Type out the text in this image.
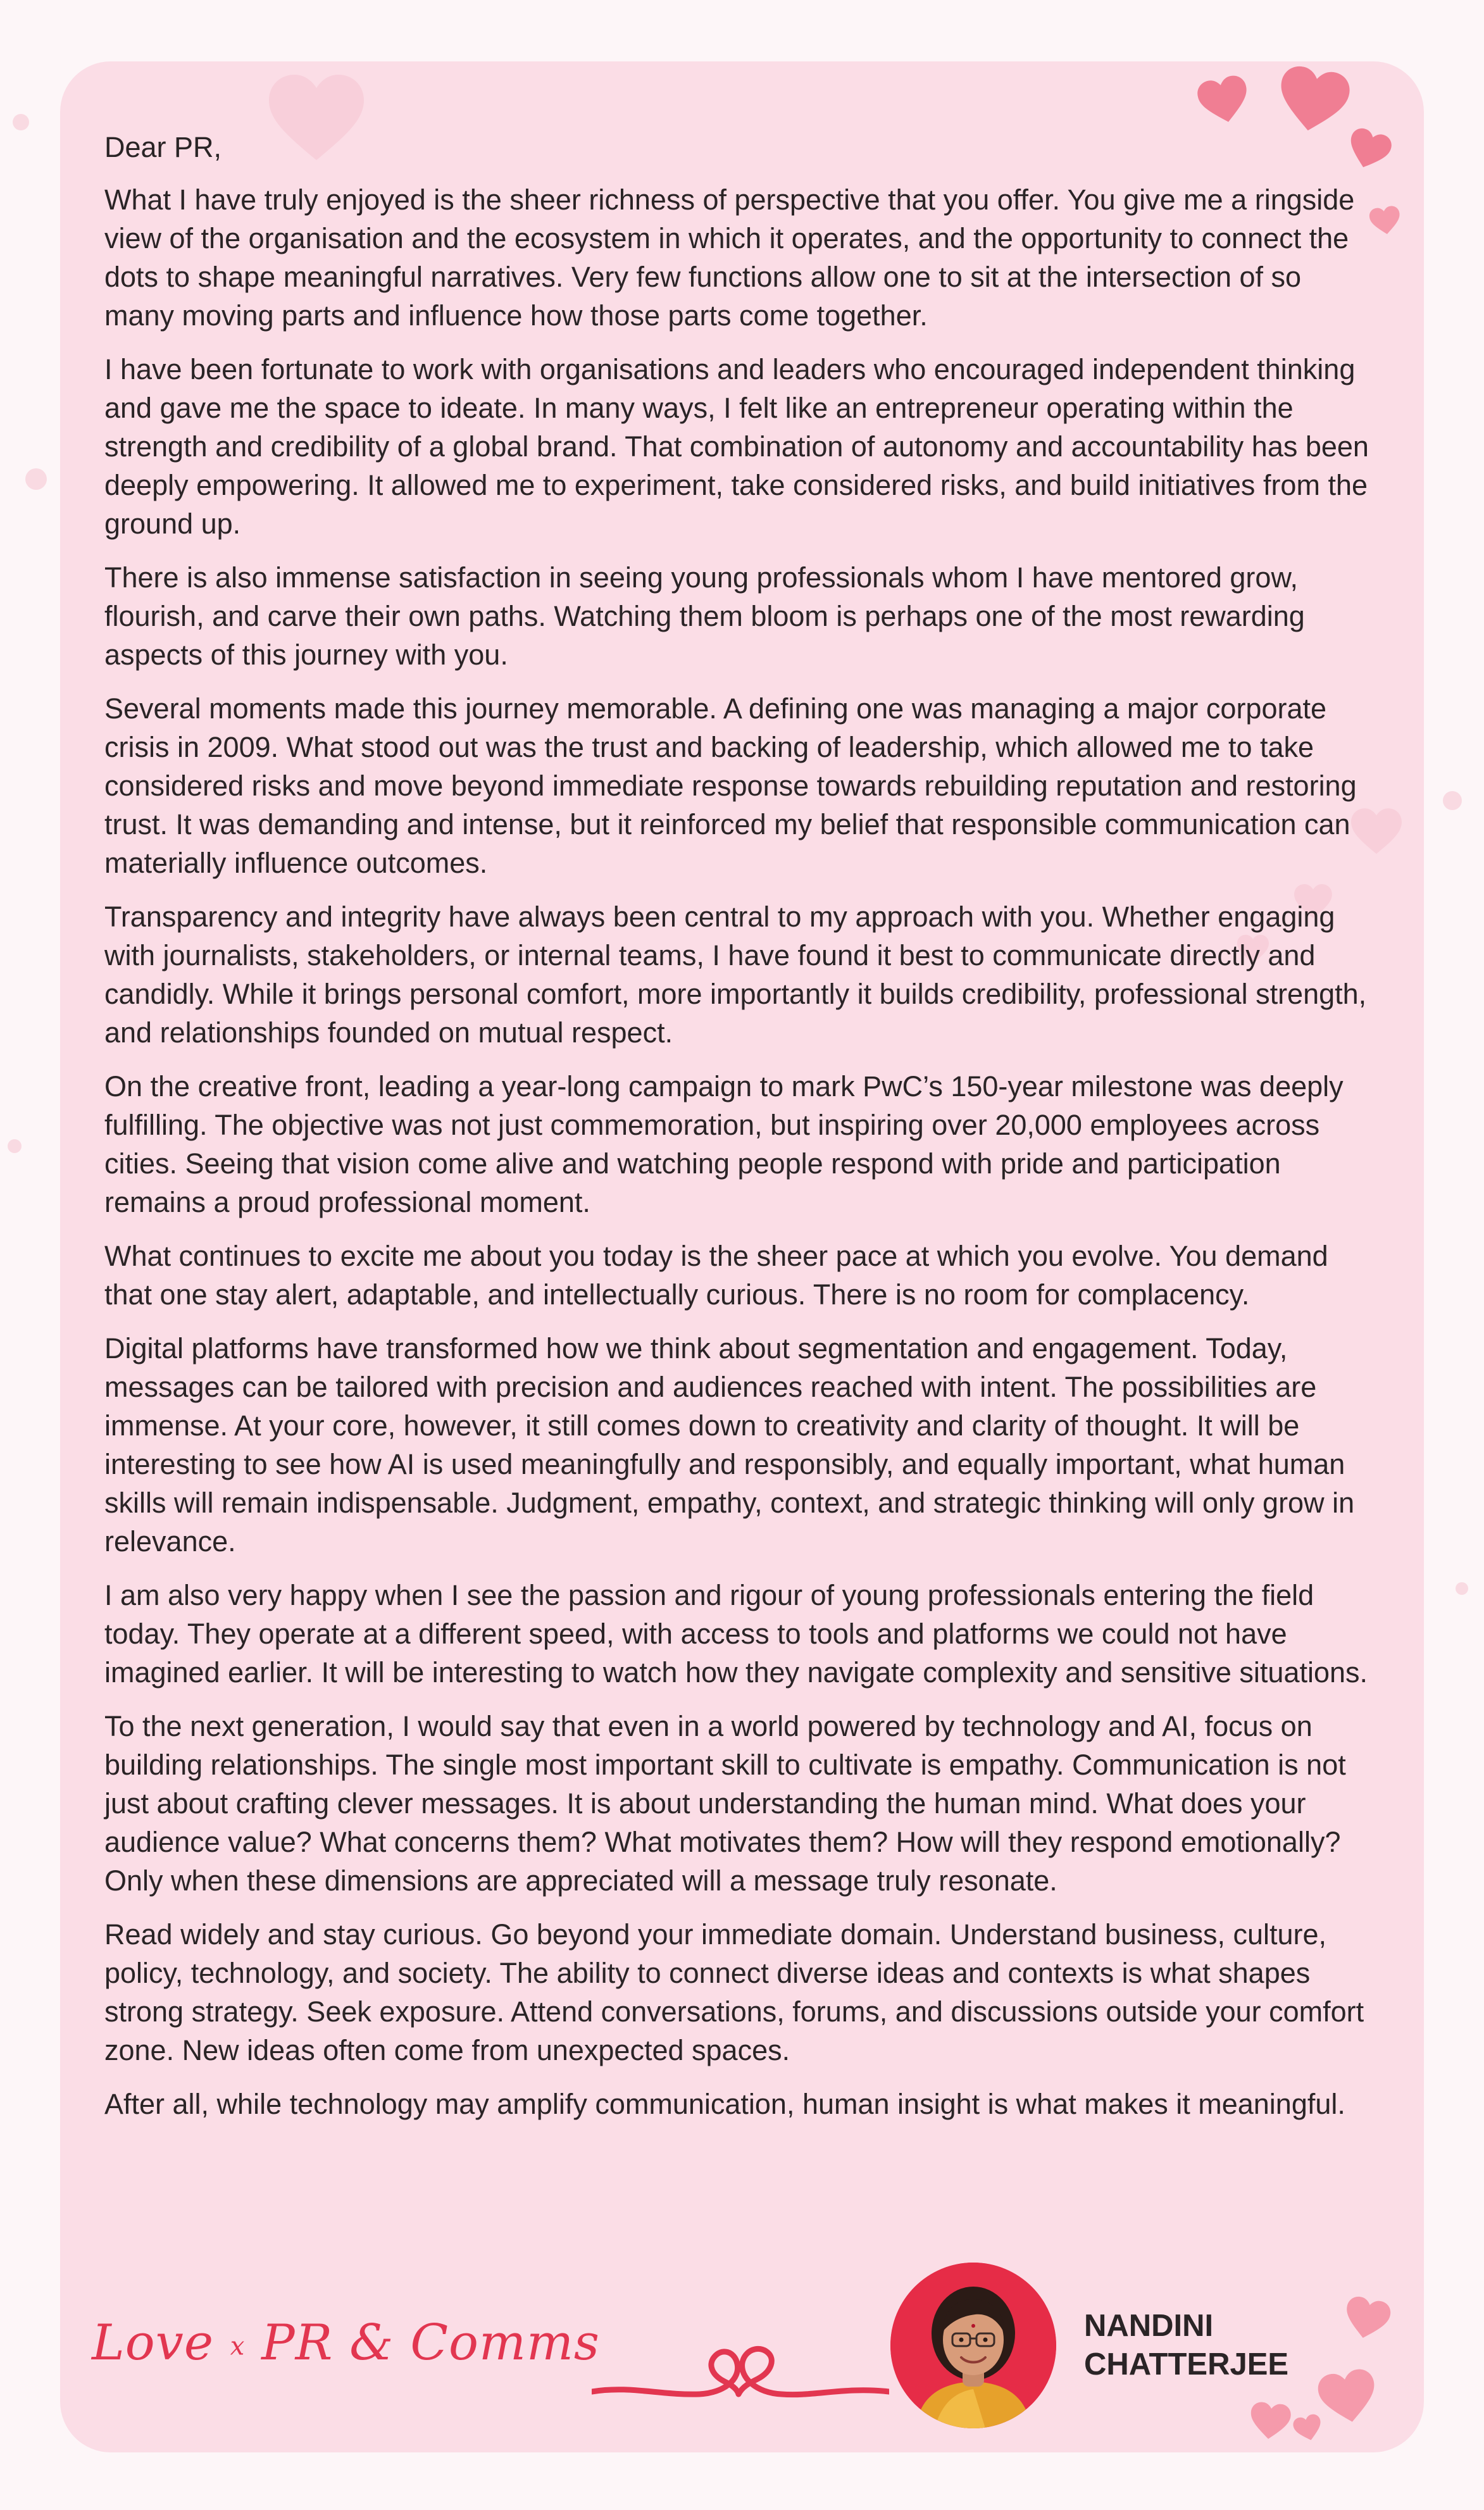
Dear PR,

What I have truly enjoyed is the sheer richness of perspective that you offer. You give me a ringside view of the organisation and the ecosystem in which it operates, and the opportunity to connect the dots to shape meaningful narratives. Very few functions allow one to sit at the intersection of so many moving parts and influence how those parts come together.

I have been fortunate to work with organisations and leaders who encouraged independent thinking and gave me the space to ideate. In many ways, I felt like an entrepreneur operating within the strength and credibility of a global brand. That combination of autonomy and accountability has been deeply empowering. It allowed me to experiment, take considered risks, and build initiatives from the ground up.

There is also immense satisfaction in seeing young professionals whom I have mentored grow, flourish, and carve their own paths. Watching them bloom is perhaps one of the most rewarding aspects of this journey with you.

Several moments made this journey memorable. A defining one was managing a major corporate crisis in 2009. What stood out was the trust and backing of leadership, which allowed me to take considered risks and move beyond immediate response towards rebuilding reputation and restoring trust. It was demanding and intense, but it reinforced my belief that responsible communication can materially influence outcomes.

Transparency and integrity have always been central to my approach with you. Whether engaging with journalists, stakeholders, or internal teams, I have found it best to communicate directly and candidly. While it brings personal comfort, more importantly it builds credibility, professional strength, and relationships founded on mutual respect.

On the creative front, leading a year-long campaign to mark PwC’s 150-year milestone was deeply fulfilling. The objective was not just commemoration, but inspiring over 20,000 employees across cities. Seeing that vision come alive and watching people respond with pride and participation remains a proud professional moment.

What continues to excite me about you today is the sheer pace at which you evolve. You demand that one stay alert, adaptable, and intellectually curious. There is no room for complacency.

Digital platforms have transformed how we think about segmentation and engagement. Today, messages can be tailored with precision and audiences reached with intent. The possibilities are immense. At your core, however, it still comes down to creativity and clarity of thought. It will be interesting to see how AI is used meaningfully and responsibly, and equally important, what human skills will remain indispensable. Judgment, empathy, context, and strategic thinking will only grow in relevance.

I am also very happy when I see the passion and rigour of young professionals entering the field today. They operate at a different speed, with access to tools and platforms we could not have imagined earlier. It will be interesting to watch how they navigate complexity and sensitive situations.

To the next generation, I would say that even in a world powered by technology and AI, focus on building relationships. The single most important skill to cultivate is empathy. Communication is not just about crafting clever messages. It is about understanding the human mind. What does your audience value? What concerns them? What motivates them? How will they respond emotionally? Only when these dimensions are appreciated will a message truly resonate.

Read widely and stay curious. Go beyond your immediate domain. Understand business, culture, policy, technology, and society. The ability to connect diverse ideas and contexts is what shapes strong strategy. Seek exposure. Attend conversations, forums, and discussions outside your comfort zone. New ideas often come from unexpected spaces.

After all, while technology may amplify communication, human insight is what makes it meaningful.

Love x PR & Comms	NANDINI
CHATTERJEE
